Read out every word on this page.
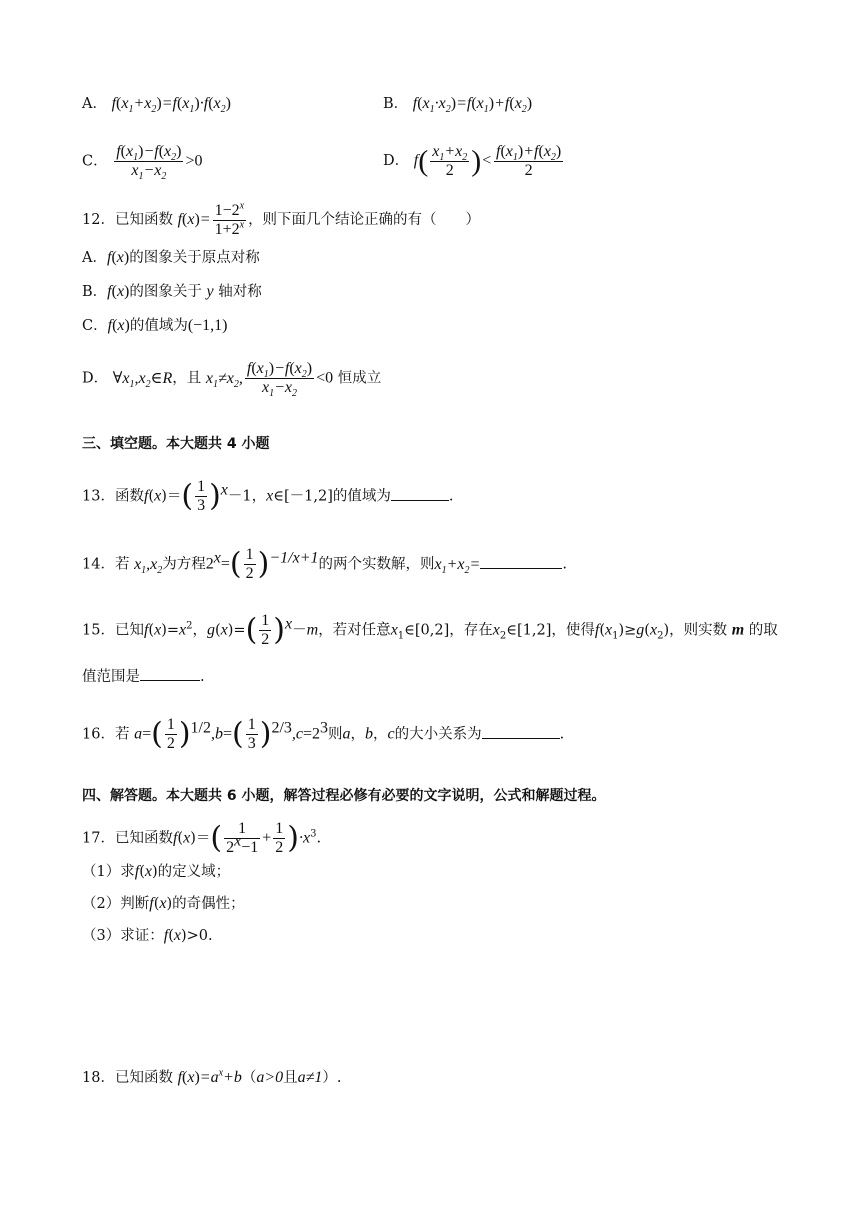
A． $f(x_1+x_2)=f(x_1)\cdot f(x_2)$	B． $f(x_1\cdot x_2)=f(x_1)+f(x_2)$
C． $\frac{f(x_1)-f(x_2)}{x_1-x_2} >0$	D． $f( \frac{x_1+x_2}{2}$ )< $\frac{f(x_1)+f(x_2)}{2}$
12．已知函数 $f(x)= \frac{1-2^x}{1+2^x}$ ，则下面几个结论正确的有（　　）
A．f(x)的图象关于原点对称
B．f(x)的图象关于 y 轴对称
C．f(x)的值域为(−1,1)
D． $\forall x_1,x_2\in R$，且 $x_1\ne x_2$, $\frac{f(x_1)-f(x_2)}{x_1-x_2} <0$ 恒成立
三、填空题。本大题共 4 小题
13．函数$f(x)=( \frac{1}{3} )^x-1$，x∈[－1,2]的值域为	.
14．若 $x_1,x_2$为方程$2^x=( \frac{1}{2} )^{-1/x+1}$的两个实数解，则$x_1+x_2=$	.
15．已知$f(x)=x^2$，$g(x)=( \frac{1}{2} )^x-m$，若对任意$x_1\in[0,2]$，存在$x_2\in[1,2]$，使得$f(x_1)\ge g(x_2)$，则实数 m 的取
值范围是	.
16．若 $a=( \frac{1}{2} )^{1/2},b=( \frac{1}{3} )^{2/3},c=2^3$则a，b，c的大小关系为	.
四、解答题。本大题共 6 小题，解答过程必修有必要的文字说明，公式和解题过程。
17．已知函数$f(x)=( \frac{1}{2^x-1} + \frac{1}{2} )\cdot x^3$.
（1）求f(x)的定义域；
（2）判断f(x)的奇偶性；
（3）求证：f(x)>0.
18．已知函数 $f(x)=a^x+b(a>0$且a≠1）.
